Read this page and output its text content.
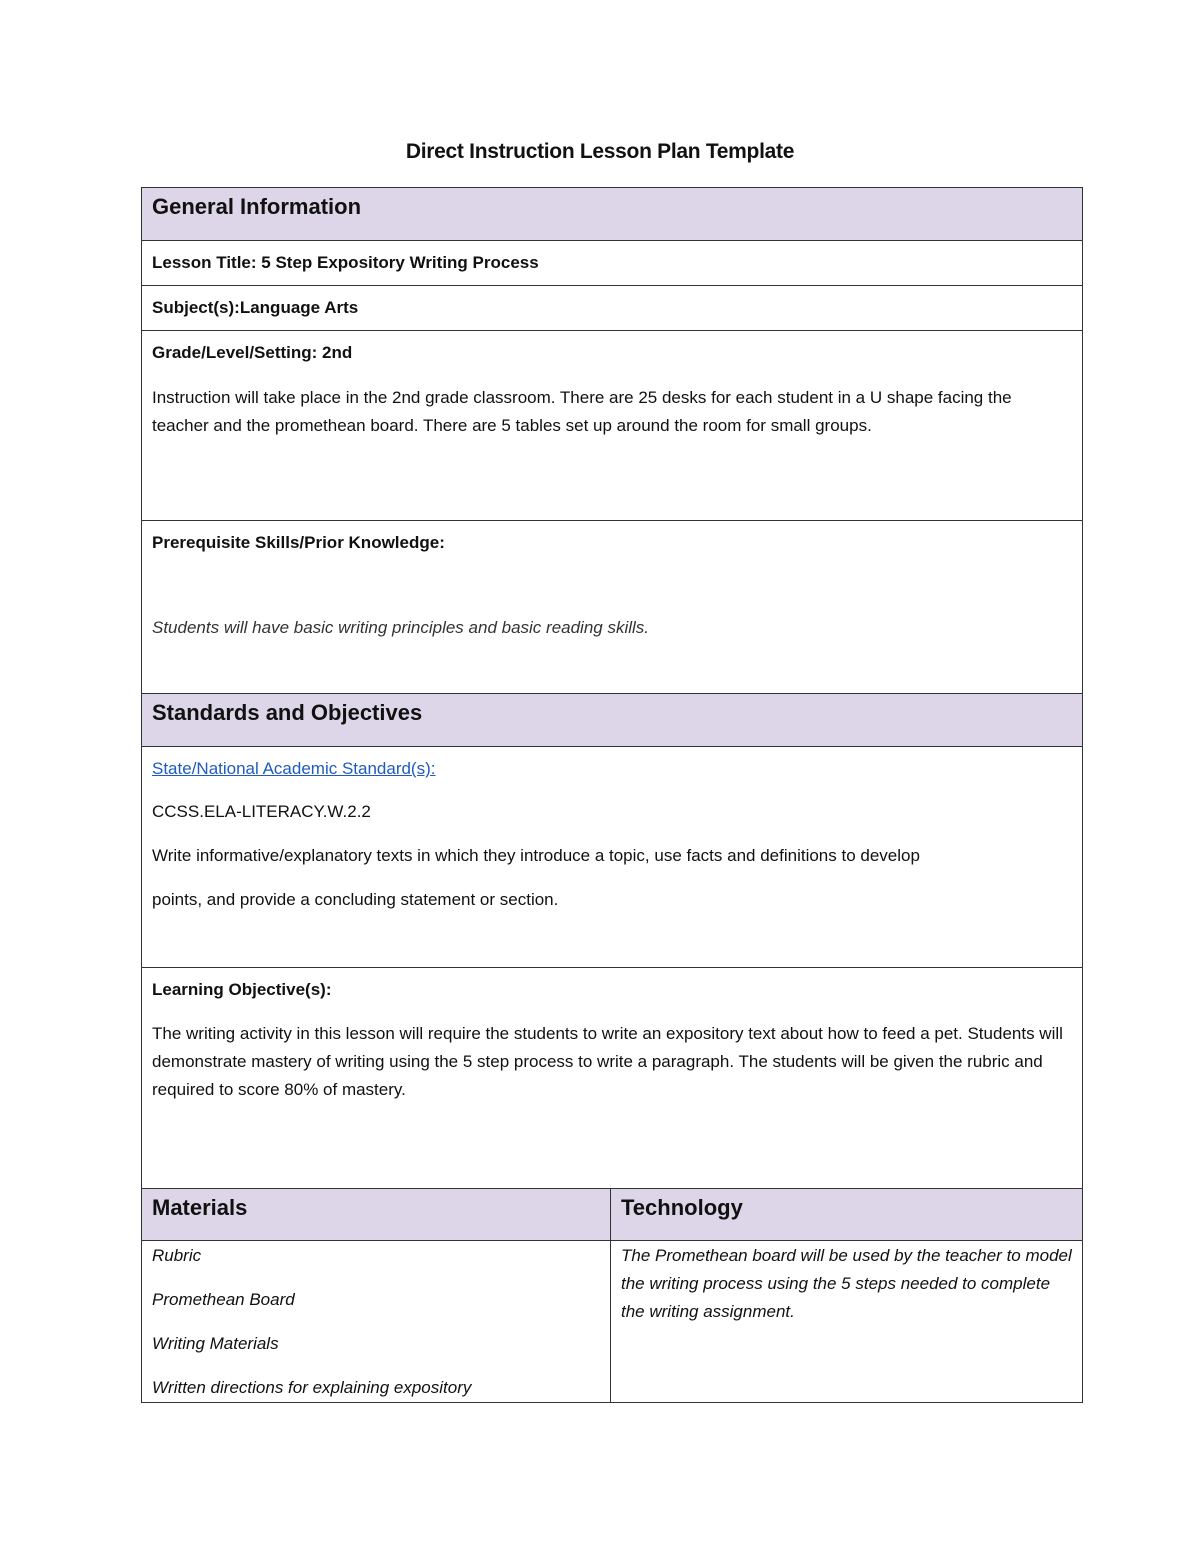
Direct Instruction Lesson Plan Template
General Information	

Lesson Title: 5 Step Expository Writing Process	

Subject(s):Language Arts	

Grade/Level/Setting: 2nd

Instruction will take place in the 2nd grade classroom. There are 25 desks for each student in a U shape facing the teacher and the promethean board. There are 5 tables set up around the room for small groups.	

Prerequisite Skills/Prior Knowledge:

Students will have basic writing principles and basic reading skills.	

Standards and Objectives	

State/National Academic Standard(s):

CCSS.ELA-LITERACY.W.2.2

Write informative/explanatory texts in which they introduce a topic, use facts and definitions to develop

points, and provide a concluding statement or section.	

Learning Objective(s):

The writing activity in this lesson will require the students to write an expository text about how to feed a pet. Students will demonstrate mastery of writing using the 5 step process to write a paragraph. The students will be given the rubric and required to score 80% of mastery.	

Materials	Technology

Rubric

Promethean Board

Writing Materials

Written directions for explaining expository	The Promethean board will be used by the teacher to model the writing process using the 5 steps needed to complete the writing assignment.
